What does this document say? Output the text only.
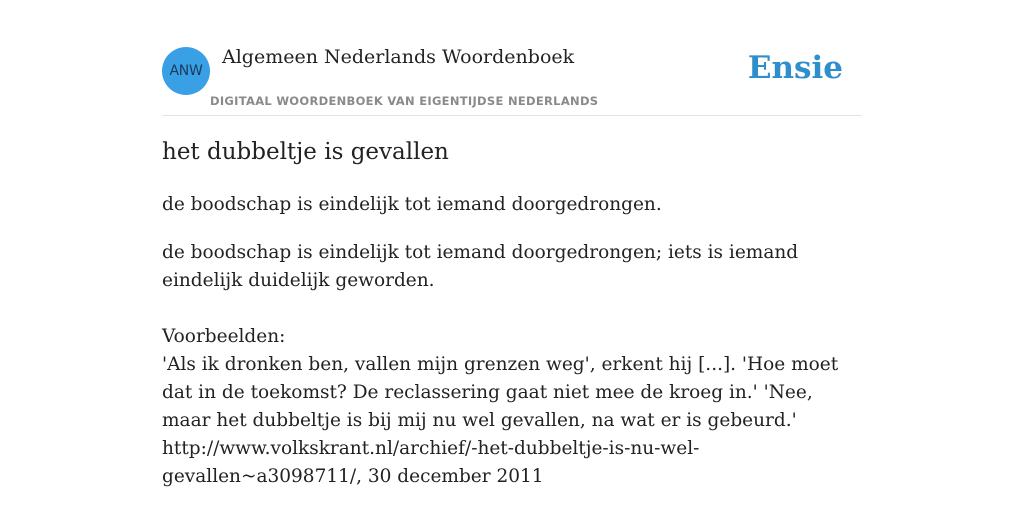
ANW
Algemeen Nederlands Woordenboek
DIGITAAL WOORDENBOEK VAN EIGENTIJDSE NEDERLANDS
Ensie
het dubbeltje is gevallen
de boodschap is eindelijk tot iemand doorgedrongen.

de boodschap is eindelijk tot iemand doorgedrongen; iets is iemand eindelijk duidelijk geworden.

Voorbeelden:

'Als ik dronken ben, vallen mijn grenzen weg', erkent hij [...]. 'Hoe moet dat in de toekomst? De reclassering gaat niet mee de kroeg in.' 'Nee, maar het dubbeltje is bij mij nu wel gevallen, na wat er is gebeurd.'

http://www.volkskrant.nl/archief/-het-dubbeltje-is-nu-wel-gevallen~a3098711/, 30 december 2011
